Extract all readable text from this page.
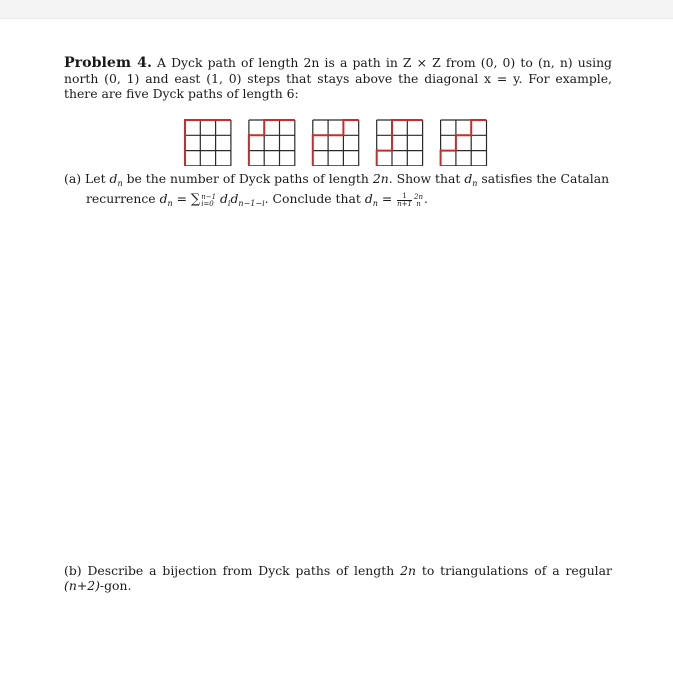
Problem 4. A Dyck path of length 2n is a path in Z × Z from (0, 0) to (n, n) using north (0, 1) and east (1, 0) steps that stays above the diagonal x = y. For example, there are five Dyck paths of length 6:
(a) Let $d_n$ be the number of Dyck paths of length 2n. Show that $d_n$ satisfies the Catalan
recurrence $d_n$ = ∑ n−1
i=0 $d_id_{n-1-i}$. Conclude that $d_n = \frac{1}{n+1} 2n$
n .
(b) Describe a bijection from Dyck paths of length 2n to triangulations of a regular (n+2)-gon.
